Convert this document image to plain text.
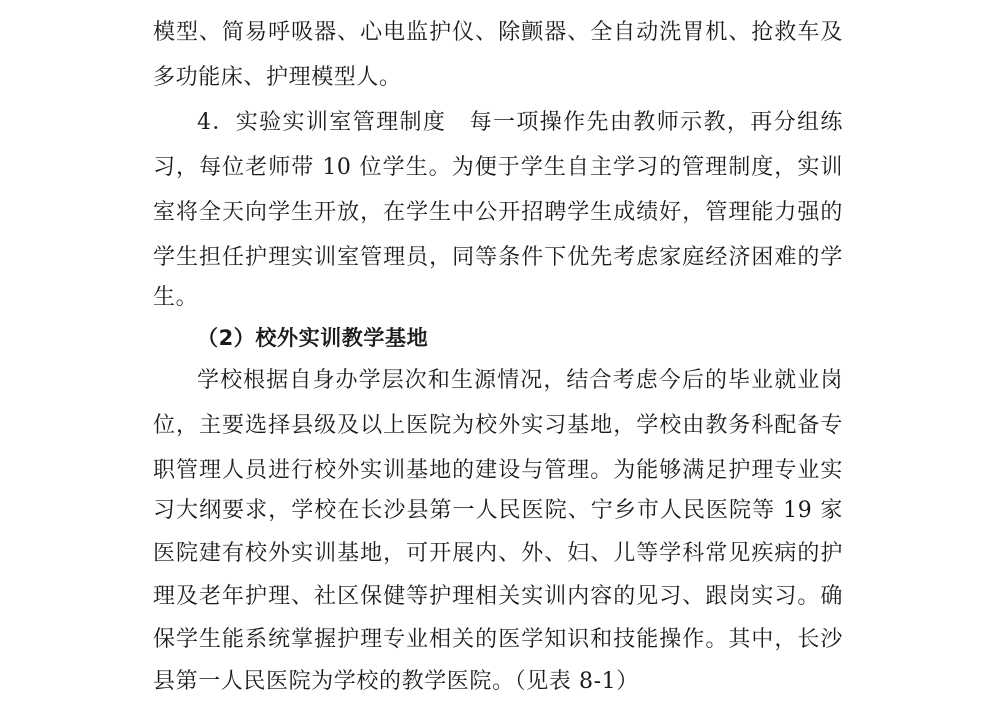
模型、简易呼吸器、心电监护仪、除颤器、全自动洗胃机、抢救车及
多功能床、护理模型人。
4．实验实训室管理制度　每一项操作先由教师示教，再分组练
习，每位老师带 10 位学生。为便于学生自主学习的管理制度，实训
室将全天向学生开放，在学生中公开招聘学生成绩好，管理能力强的
学生担任护理实训室管理员，同等条件下优先考虑家庭经济困难的学
生。
（2）校外实训教学基地
学校根据自身办学层次和生源情况，结合考虑今后的毕业就业岗
位，主要选择县级及以上医院为校外实习基地，学校由教务科配备专
职管理人员进行校外实训基地的建设与管理。为能够满足护理专业实
习大纲要求，学校在长沙县第一人民医院、宁乡市人民医院等 19 家
医院建有校外实训基地，可开展内、外、妇、儿等学科常见疾病的护
理及老年护理、社区保健等护理相关实训内容的见习、跟岗实习。确
保学生能系统掌握护理专业相关的医学知识和技能操作。其中，长沙
县第一人民医院为学校的教学医院。（见表 8-1）
